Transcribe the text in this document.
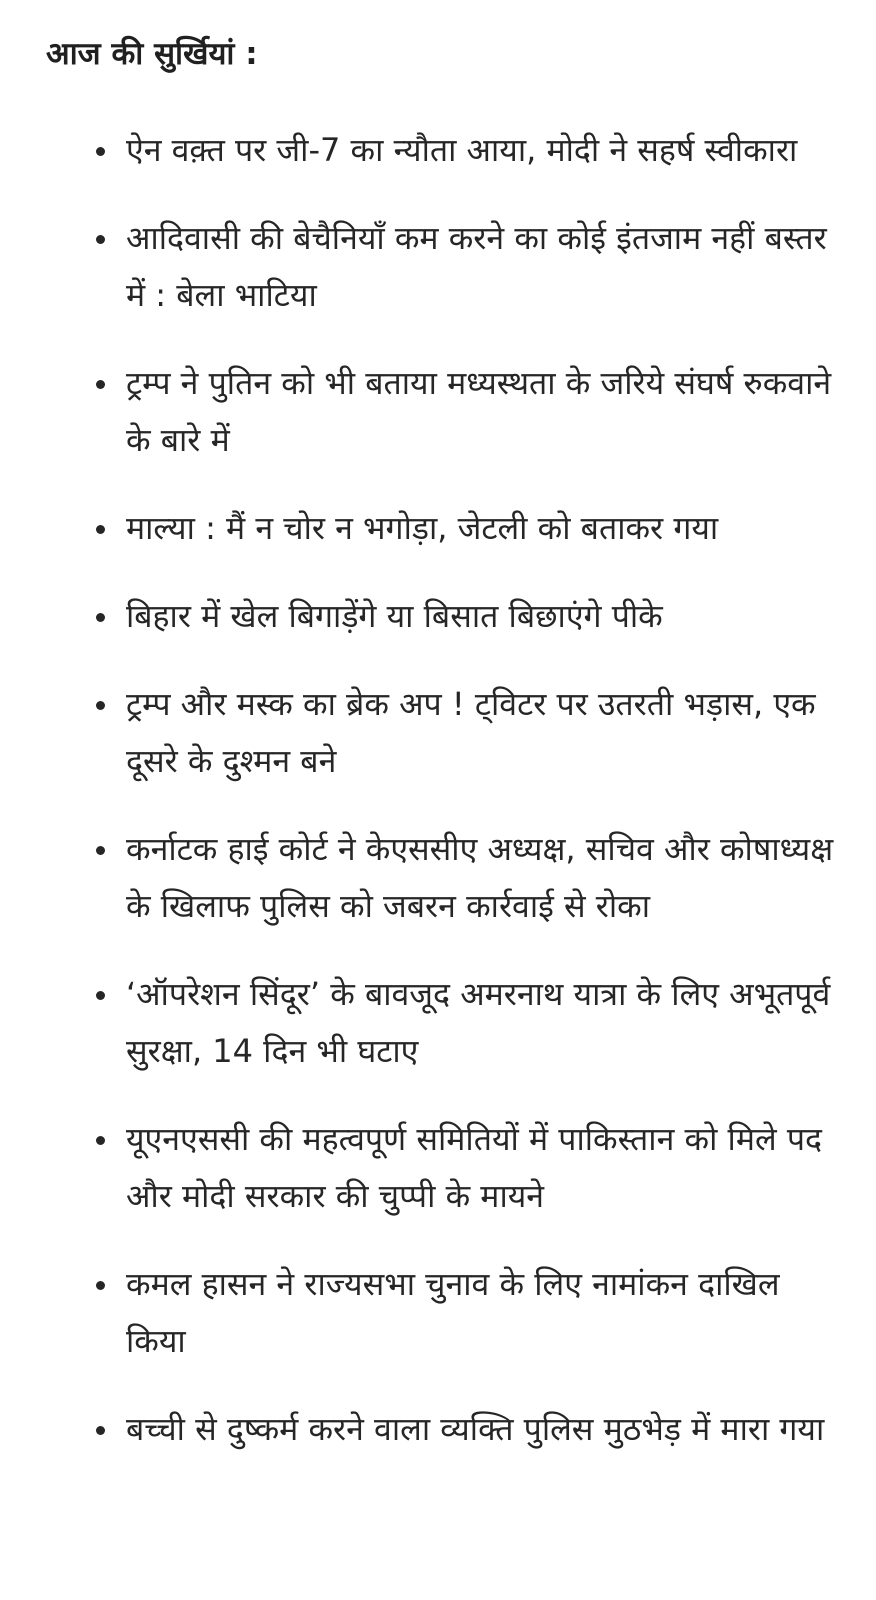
आज की सुर्खियां :
ऐन वक़्त पर जी-7 का न्यौता आया, मोदी ने सहर्ष स्वीकारा
आदिवासी की बेचैनियाँ कम करने का कोई इंतजाम नहीं बस्तर में : बेला भाटिया
ट्रम्प ने पुतिन को भी बताया मध्यस्थता के जरिये संघर्ष रुकवाने के बारे में
माल्या : मैं न चोर न भगोड़ा, जेटली को बताकर गया
बिहार में खेल बिगाड़ेंगे या बिसात बिछाएंगे पीके
ट्रम्प और मस्क का ब्रेक अप ! ट्विटर पर उतरती भड़ास, एक दूसरे के दुश्मन बने
कर्नाटक हाई कोर्ट ने केएससीए अध्यक्ष, सचिव और कोषाध्यक्ष के खिलाफ पुलिस को जबरन कार्रवाई से रोका
‘ऑपरेशन सिंदूर’ के बावजूद अमरनाथ यात्रा के लिए अभूतपूर्व सुरक्षा, 14 दिन भी घटाए
यूएनएससी की महत्वपूर्ण समितियों में पाकिस्तान को मिले पद और मोदी सरकार की चुप्पी के मायने
कमल हासन ने राज्यसभा चुनाव के लिए नामांकन दाखिल किया
बच्ची से दुष्कर्म करने वाला व्यक्ति पुलिस मुठभेड़ में मारा गया
